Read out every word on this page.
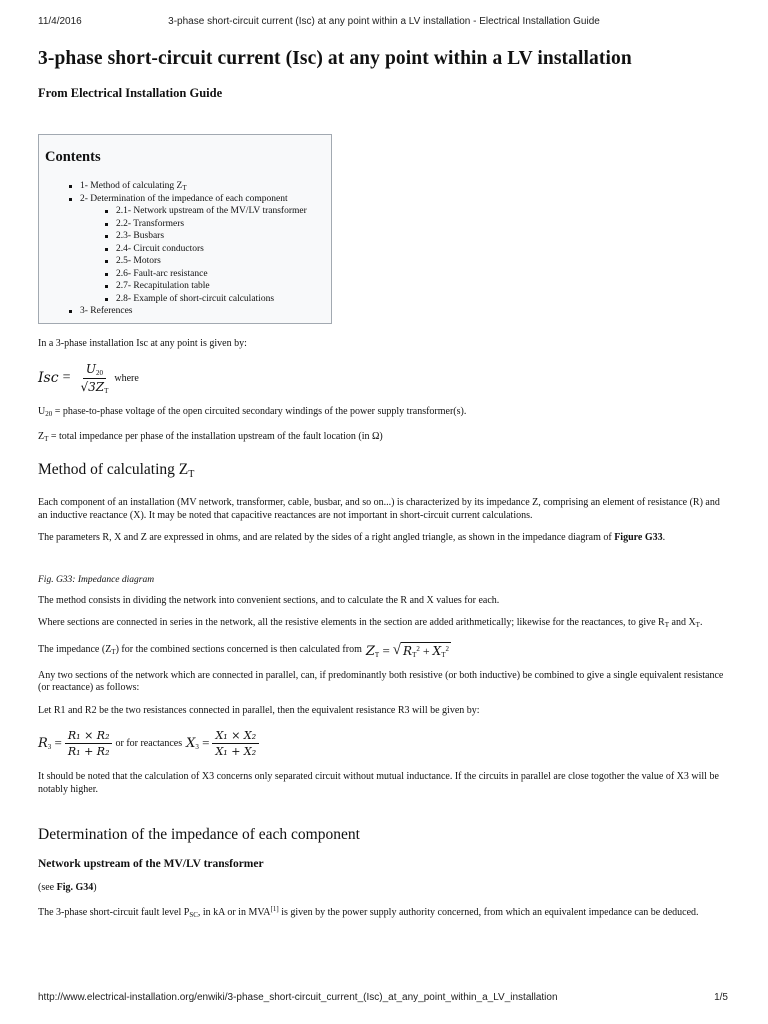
11/4/2016	3-phase short-circuit current (Isc) at any point within a LV installation - Electrical Installation Guide
3-phase short-circuit current (Isc) at any point within a LV installation
From Electrical Installation Guide
Contents
1- Method of calculating $Z_T$
2- Determination of the impedance of each component
2.1- Network upstream of the MV/LV transformer
2.2- Transformers
2.3- Busbars
2.4- Circuit conductors
2.5- Motors
2.6- Fault-arc resistance
2.7- Recapitulation table
2.8- Example of short-circuit calculations
3- References

In a 3-phase installation Isc at any point is given by:

Isc = $\frac{U_{20}}{√3Z_T}$ where

$U_{20}$ = phase-to-phase voltage of the open circuited secondary windings of the power supply transformer(s).

$Z_T$ = total impedance per phase of the installation upstream of the fault location (in Ω)

Method of calculating $Z_T$

Each component of an installation (MV network, transformer, cable, busbar, and so on...) is characterized by its impedance Z, comprising an element of resistance (R) and an inductive reactance (X). It may be noted that capacitive reactances are not important in short-circuit current calculations.

The parameters R, X and Z are expressed in ohms, and are related by the sides of a right angled triangle, as shown in the impedance diagram of Figure G33.

Fig. G33: Impedance diagram

The method consists in dividing the network into convenient sections, and to calculate the R and X values for each.

Where sections are connected in series in the network, all the resistive elements in the section are added arithmetically; likewise for the reactances, to give $R_T$ and $X_T$.

The impedance $(Z_T)$ for the combined sections concerned is then calculated from $Z_T$ = √ $R_T^2 + X_T^2$

Any two sections of the network which are connected in parallel, can, if predominantly both resistive (or both inductive) be combined to give a single equivalent resistance (or reactance) as follows:

Let R1 and R2 be the two resistances connected in parallel, then the equivalent resistance R3 will be given by:

$R_3 = \frac{\text{R₁ × R₂}}{\text{R₁ + R₂}}$ or for reactances $X_3 = \frac{\text{X₁ × X₂}}{\text{X₁ + X₂}}$

It should be noted that the calculation of X3 concerns only separated circuit without mutual inductance. If the circuits in parallel are close togother the value of X3 will be notably higher.

Determination of the impedance of each component
Network upstream of the MV/LV transformer

(see Fig. G34)

The 3-phase short-circuit fault level $P_{SC}$, in kA or in MVA[1] is given by the power supply authority concerned, from which an equivalent impedance can be deduced.

http://www.electrical-installation.org/enwiki/3-phase_short-circuit_current_(Isc)_at_any_point_within_a_LV_installation	1/5
